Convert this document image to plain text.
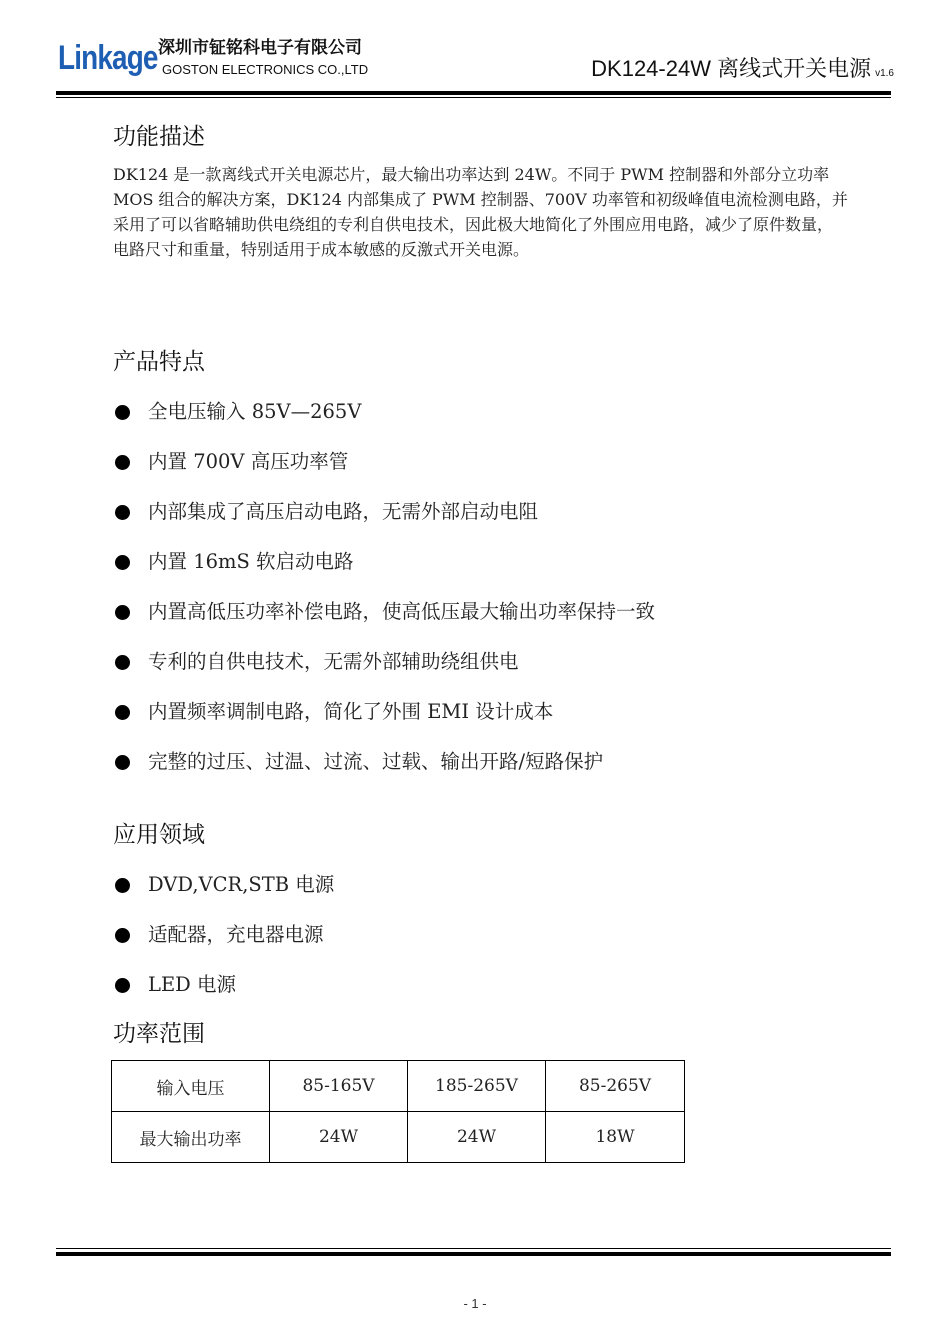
Linkage 深圳市钲铭科电子有限公司
GOSTON ELECTRONICS CO.,LTD	DK124-24W 离线式开关电源 v1.6
功能描述

DK124 是一款离线式开关电源芯片，最大输出功率达到 24W。不同于 PWM 控制器和外部分立功率 MOS 组合的解决方案，DK124 内部集成了 PWM 控制器、700V 功率管和初级峰值电流检测电路，并采用了可以省略辅助供电绕组的专利自供电技术，因此极大地简化了外围应用电路，减少了原件数量，电路尺寸和重量，特别适用于成本敏感的反激式开关电源。

产品特点
全电压输入 85V—265V
内置 700V 高压功率管
内部集成了高压启动电路，无需外部启动电阻
内置 16mS 软启动电路
内置高低压功率补偿电路，使高低压最大输出功率保持一致
专利的自供电技术，无需外部辅助绕组供电
内置频率调制电路，简化了外围 EMI 设计成本
完整的过压、过温、过流、过载、输出开路/短路保护
应用领域
DVD,VCR,STB 电源
适配器，充电器电源
LED 电源
功率范围
输入电压	85-165V	185-265V	85-265V
最大输出功率	24W	24W	18W
- 1 -
